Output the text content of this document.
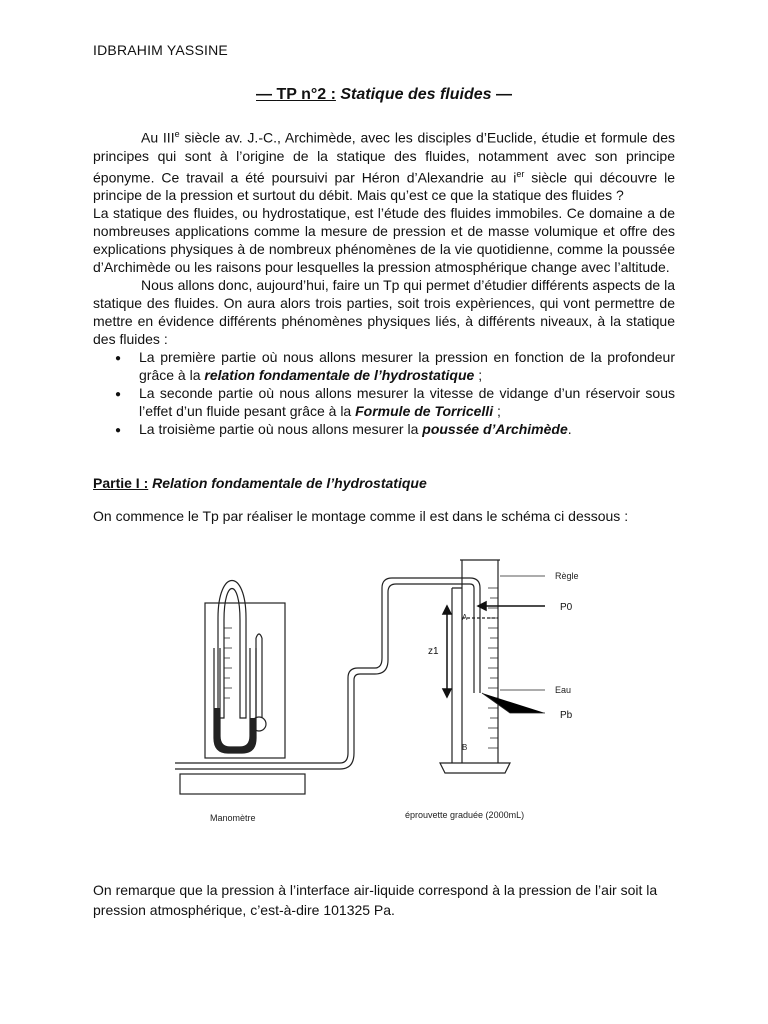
IDBRAHIM YASSINE
— TP n°2 : Statique des fluides —

Au IIIe siècle av. J.-C., Archimède, avec les disciples d’Euclide, étudie et formule des principes qui sont à l’origine de la statique des fluides, notamment avec son principe éponyme. Ce travail a été poursuivi par Héron d’Alexandrie au $i^{er}$ siècle qui découvre le principe de la pression et surtout du débit. Mais qu’est ce que la statique des fluides ?

La statique des fluides, ou hydrostatique, est l’étude des fluides immobiles. Ce domaine a de nombreuses applications comme la mesure de pression et de masse volumique et offre des explications physiques à de nombreux phénomènes de la vie quotidienne, comme la poussée d’Archimède ou les raisons pour lesquelles la pression atmosphérique change avec l’altitude.

Nous allons donc, aujourd’hui, faire un Tp qui permet d’étudier différents aspects de la statique des fluides. On aura alors trois parties, soit trois expèriences, qui vont permettre de mettre en évidence différents phénomènes physiques liés, à différents niveaux, à la statique des fluides :

● La première partie où nous allons mesurer la pression en fonction de la profondeur grâce à la relation fondamentale de l’hydrostatique ;
● La seconde partie où nous allons mesurer la vitesse de vidange d’un réservoir sous l’effet d’un fluide pesant grâce à la Formule de Torricelli ;
● La troisième partie où nous allons mesurer la poussée d’Archimède.
Partie I : Relation fondamentale de l’hydrostatique
On commence le Tp par réaliser le montage comme il est dans le schéma ci dessous :
Règle
P0
z1
Eau
Pb
A
B
Manomètre	éprouvette graduée (2000mL)
On remarque que la pression à l’interface air-liquide correspond à la pression de l’air soit la pression atmosphérique, c’est-à-dire 101325 Pa.
